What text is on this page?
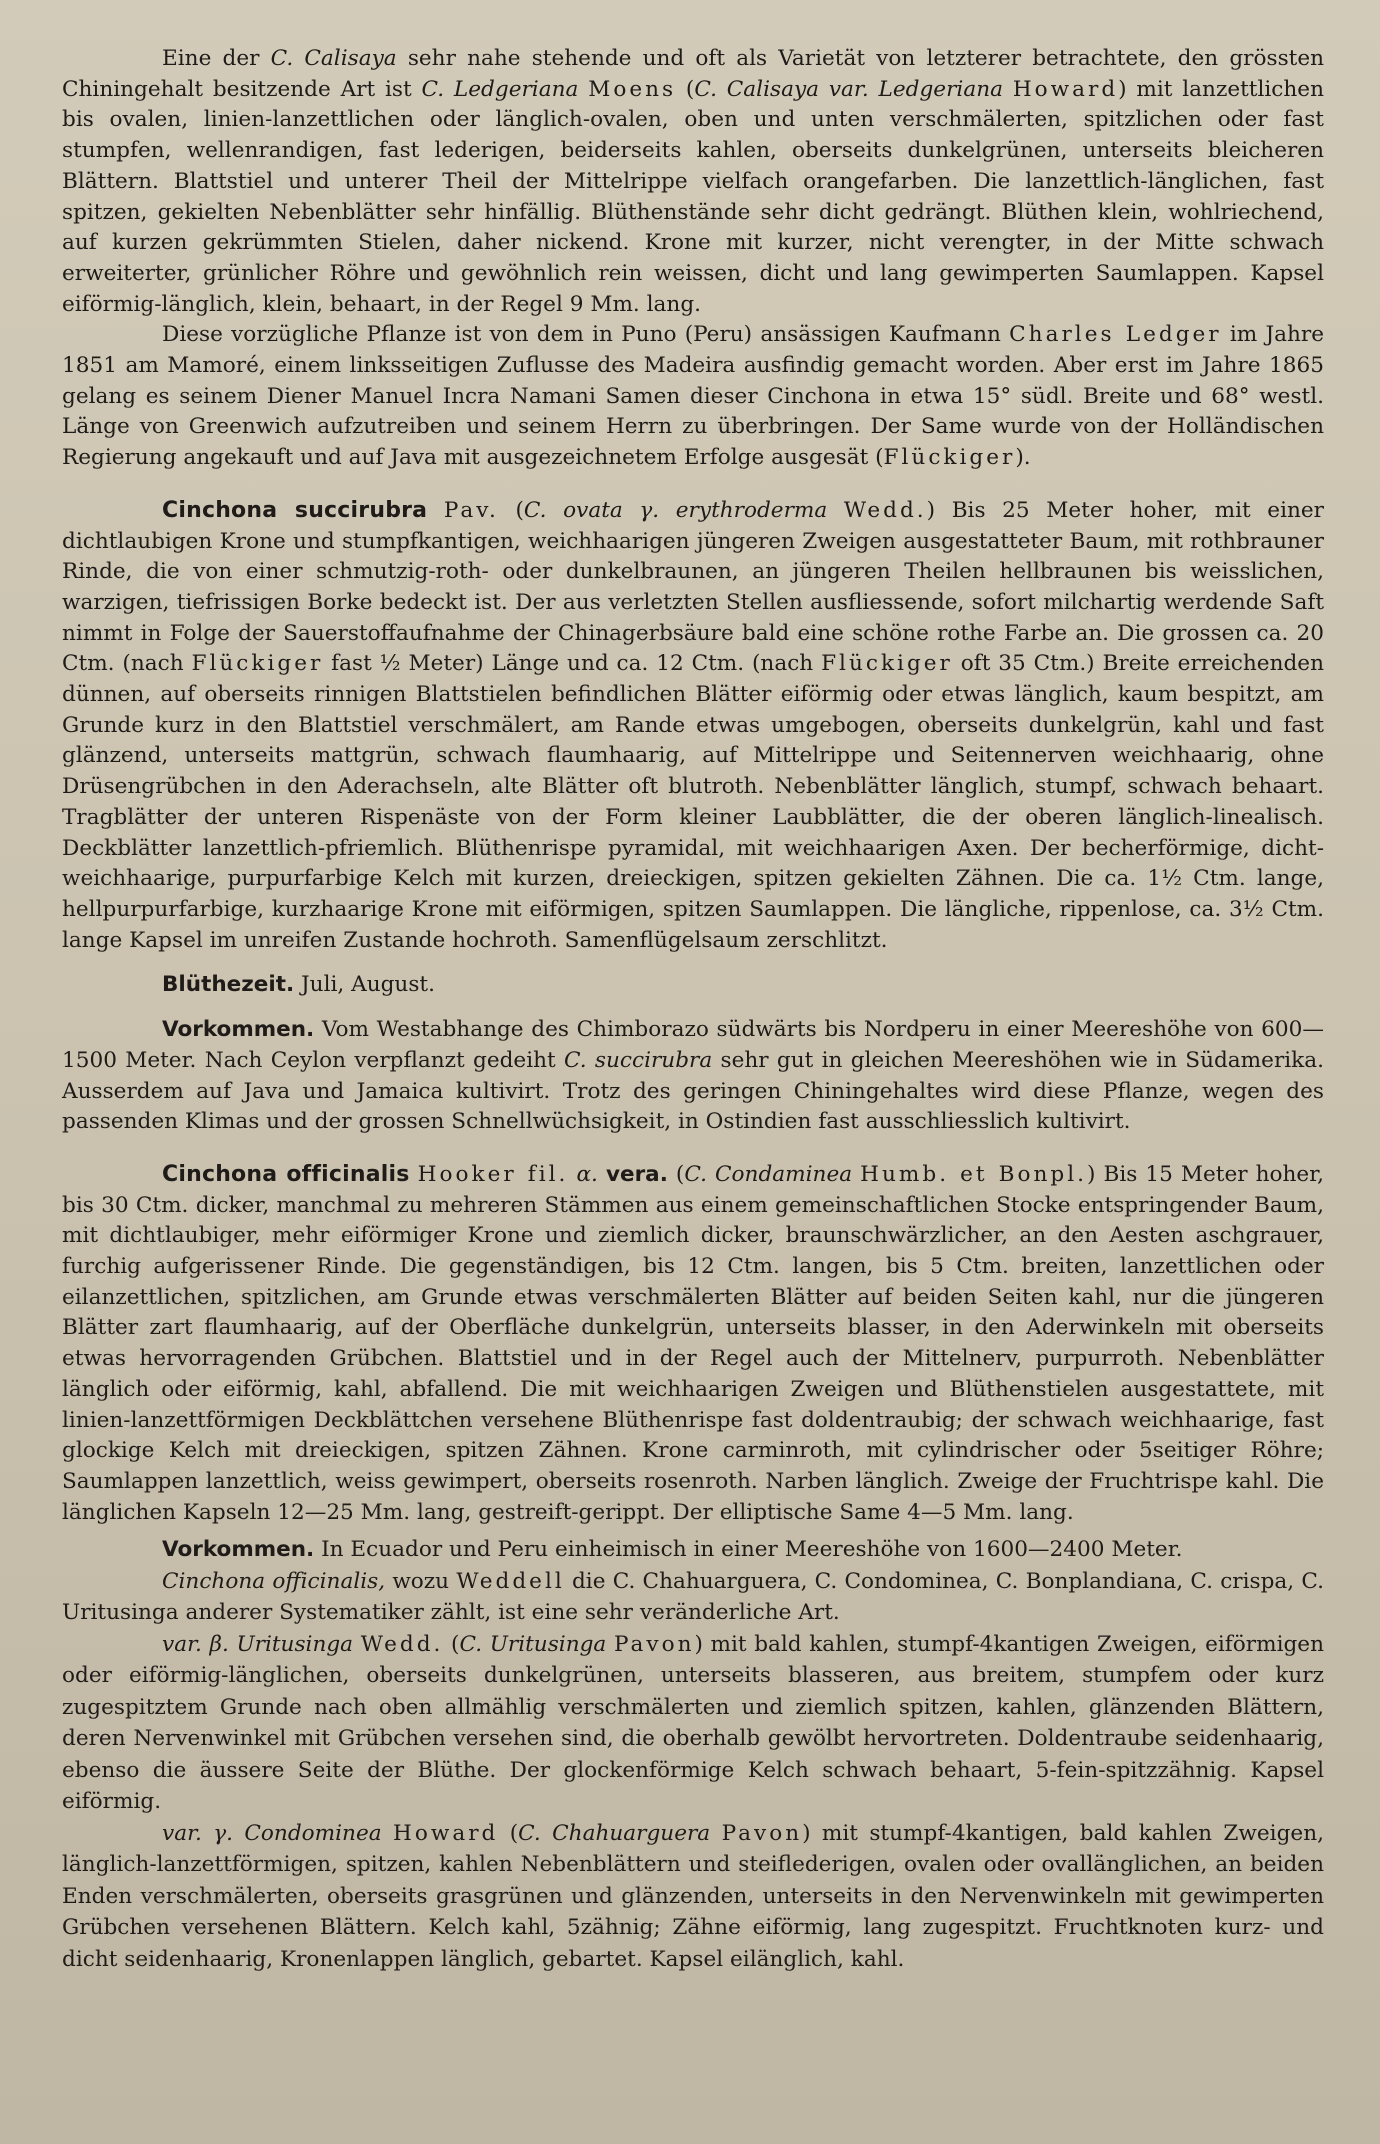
Eine der C. Calisaya sehr nahe stehende und oft als Varietät von letzterer betrachtete, den grössten Chiningehalt besitzende Art ist C. Ledgeriana Moens (C. Calisaya var. Ledgeriana Howard) mit lanzettlichen bis ovalen, linien-lanzettlichen oder länglich-ovalen, oben und unten verschmälerten, spitzlichen oder fast stumpfen, wellenrandigen, fast lederigen, beiderseits kahlen, oberseits dunkelgrünen, unterseits bleicheren Blättern. Blattstiel und unterer Theil der Mittelrippe vielfach orangefarben. Die lanzettlich-länglichen, fast spitzen, gekielten Nebenblätter sehr hinfällig. Blüthenstände sehr dicht gedrängt. Blüthen klein, wohlriechend, auf kurzen gekrümmten Stielen, daher nickend. Krone mit kurzer, nicht verengter, in der Mitte schwach erweiterter, grünlicher Röhre und gewöhnlich rein weissen, dicht und lang gewimperten Saumlappen. Kapsel eiförmig-länglich, klein, behaart, in der Regel 9 Mm. lang.

Diese vorzügliche Pflanze ist von dem in Puno (Peru) ansässigen Kaufmann Charles Ledger im Jahre 1851 am Mamoré, einem linksseitigen Zuflusse des Madeira ausfindig gemacht worden. Aber erst im Jahre 1865 gelang es seinem Diener Manuel Incra Namani Samen dieser Cinchona in etwa 15° südl. Breite und 68° westl. Länge von Greenwich aufzutreiben und seinem Herrn zu überbringen. Der Same wurde von der Holländischen Regierung angekauft und auf Java mit ausgezeichnetem Erfolge ausgesät (Flückiger).

Cinchona succirubra Pav. (C. ovata γ. erythroderma Wedd.) Bis 25 Meter hoher, mit einer dichtlaubigen Krone und stumpfkantigen, weichhaarigen jüngeren Zweigen ausgestatteter Baum, mit rothbrauner Rinde, die von einer schmutzig-roth- oder dunkelbraunen, an jüngeren Theilen hellbraunen bis weisslichen, warzigen, tiefrissigen Borke bedeckt ist. Der aus verletzten Stellen ausfliessende, sofort milchartig werdende Saft nimmt in Folge der Sauerstoffaufnahme der Chinagerbsäure bald eine schöne rothe Farbe an. Die grossen ca. 20 Ctm. (nach Flückiger fast ½ Meter) Länge und ca. 12 Ctm. (nach Flückiger oft 35 Ctm.) Breite erreichenden dünnen, auf oberseits rinnigen Blattstielen befindlichen Blätter eiförmig oder etwas länglich, kaum bespitzt, am Grunde kurz in den Blattstiel verschmälert, am Rande etwas umgebogen, oberseits dunkelgrün, kahl und fast glänzend, unterseits mattgrün, schwach flaumhaarig, auf Mittelrippe und Seitennerven weichhaarig, ohne Drüsengrübchen in den Aderachseln, alte Blätter oft blutroth. Nebenblätter länglich, stumpf, schwach behaart. Tragblätter der unteren Rispenäste von der Form kleiner Laubblätter, die der oberen länglich-linealisch. Deckblätter lanzettlich-pfriemlich. Blüthenrispe pyramidal, mit weichhaarigen Axen. Der becherförmige, dicht-weichhaarige, purpurfarbige Kelch mit kurzen, dreieckigen, spitzen gekielten Zähnen. Die ca. 1½ Ctm. lange, hellpurpurfarbige, kurzhaarige Krone mit eiförmigen, spitzen Saumlappen. Die längliche, rippenlose, ca. 3½ Ctm. lange Kapsel im unreifen Zustande hochroth. Samenflügelsaum zerschlitzt.

Blüthezeit. Juli, August.

Vorkommen. Vom Westabhange des Chimborazo südwärts bis Nordperu in einer Meereshöhe von 600—1500 Meter. Nach Ceylon verpflanzt gedeiht C. succirubra sehr gut in gleichen Meereshöhen wie in Südamerika. Ausserdem auf Java und Jamaica kultivirt. Trotz des geringen Chiningehaltes wird diese Pflanze, wegen des passenden Klimas und der grossen Schnellwüchsigkeit, in Ostindien fast ausschliesslich kultivirt.

Cinchona officinalis Hooker fil. α. vera. (C. Condaminea Humb. et Bonpl.) Bis 15 Meter hoher, bis 30 Ctm. dicker, manchmal zu mehreren Stämmen aus einem gemeinschaftlichen Stocke entspringender Baum, mit dichtlaubiger, mehr eiförmiger Krone und ziemlich dicker, braunschwärzlicher, an den Aesten aschgrauer, furchig aufgerissener Rinde. Die gegenständigen, bis 12 Ctm. langen, bis 5 Ctm. breiten, lanzettlichen oder eilanzettlichen, spitzlichen, am Grunde etwas verschmälerten Blätter auf beiden Seiten kahl, nur die jüngeren Blätter zart flaumhaarig, auf der Oberfläche dunkelgrün, unterseits blasser, in den Aderwinkeln mit oberseits etwas hervorragenden Grübchen. Blattstiel und in der Regel auch der Mittelnerv, purpurroth. Nebenblätter länglich oder eiförmig, kahl, abfallend. Die mit weichhaarigen Zweigen und Blüthenstielen ausgestattete, mit linien-lanzettförmigen Deckblättchen versehene Blüthenrispe fast doldentraubig; der schwach weichhaarige, fast glockige Kelch mit dreieckigen, spitzen Zähnen. Krone carminroth, mit cylindrischer oder 5seitiger Röhre; Saumlappen lanzettlich, weiss gewimpert, oberseits rosenroth. Narben länglich. Zweige der Fruchtrispe kahl. Die länglichen Kapseln 12—25 Mm. lang, gestreift-gerippt. Der elliptische Same 4—5 Mm. lang.

Vorkommen. In Ecuador und Peru einheimisch in einer Meereshöhe von 1600—2400 Meter.

Cinchona officinalis, wozu Weddell die C. Chahuarguera, C. Condominea, C. Bonplandiana, C. crispa, C. Uritusinga anderer Systematiker zählt, ist eine sehr veränderliche Art.

var. β. Uritusinga Wedd. (C. Uritusinga Pavon) mit bald kahlen, stumpf-4kantigen Zweigen, eiförmigen oder eiförmig-länglichen, oberseits dunkelgrünen, unterseits blasseren, aus breitem, stumpfem oder kurz zugespitztem Grunde nach oben allmählig verschmälerten und ziemlich spitzen, kahlen, glänzenden Blättern, deren Nervenwinkel mit Grübchen versehen sind, die oberhalb gewölbt hervortreten. Doldentraube seidenhaarig, ebenso die äussere Seite der Blüthe. Der glockenförmige Kelch schwach behaart, 5-fein-spitzzähnig. Kapsel eiförmig.

var. γ. Condominea Howard (C. Chahuarguera Pavon) mit stumpf-4kantigen, bald kahlen Zweigen, länglich-lanzettförmigen, spitzen, kahlen Nebenblättern und steiflederigen, ovalen oder ovallänglichen, an beiden Enden verschmälerten, oberseits grasgrünen und glänzenden, unterseits in den Nervenwinkeln mit gewimperten Grübchen versehenen Blättern. Kelch kahl, 5zähnig; Zähne eiförmig, lang zugespitzt. Fruchtknoten kurz- und dicht seidenhaarig, Kronenlappen länglich, gebartet. Kapsel eilänglich, kahl.
